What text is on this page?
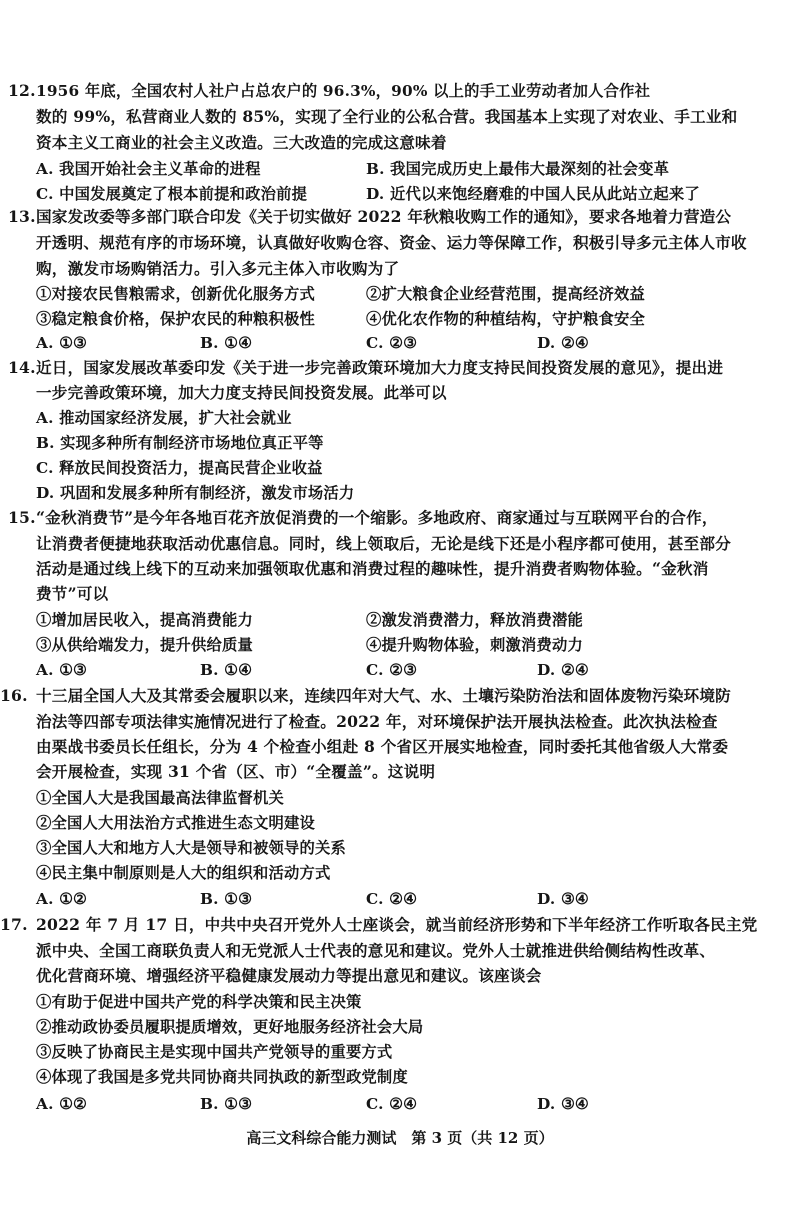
12. 1956 年底，全国农村人社户占总农户的 96.3%，90% 以上的手工业劳动者加人合作社
数的 99%，私营商业人数的 85%，实现了全行业的公私合营。我国基本上实现了对农业、手工业和
资本主义工商业的社会主义改造。三大改造的完成这意味着
A. 我国开始社会主义革命的进程	B. 我国完成历史上最伟大最深刻的社会变革
C. 中国发展奠定了根本前提和政治前提	D. 近代以来饱经磨难的中国人民从此站立起来了
13. 国家发改委等多部门联合印发《关于切实做好 2022 年秋粮收购工作的通知》，要求各地着力营造公
开透明、规范有序的市场环境，认真做好收购仓容、资金、运力等保障工作，积极引导多元主体人市收
购，激发市场购销活力。引入多元主体入市收购为了
①对接农民售粮需求，创新优化服务方式	②扩大粮食企业经营范围，提高经济效益
③稳定粮食价格，保护农民的种粮积极性	④优化农作物的种植结构，守护粮食安全
A. ①③	B. ①④	C. ②③	D. ②④
14. 近日，国家发展改革委印发《关于进一步完善政策环境加大力度支持民间投资发展的意见》，提出进
一步完善政策环境，加大力度支持民间投资发展。此举可以
A. 推动国家经济发展，扩大社会就业
B. 实现多种所有制经济市场地位真正平等
C. 释放民间投资活力，提高民营企业收益
D. 巩固和发展多种所有制经济，激发市场活力
15. “金秋消费节”是今年各地百花齐放促消费的一个缩影。多地政府、商家通过与互联网平台的合作，
让消费者便捷地获取活动优惠信息。同时，线上领取后，无论是线下还是小程序都可使用，甚至部分
活动是通过线上线下的互动来加强领取优惠和消费过程的趣味性，提升消费者购物体验。“金秋消
费节”可以
①增加居民收入，提高消费能力	②激发消费潜力，释放消费潜能
③从供给端发力，提升供给质量	④提升购物体验，刺激消费动力
A. ①③	B. ①④	C. ②③	D. ②④
16. 十三届全国人大及其常委会履职以来，连续四年对大气、水、土壤污染防治法和固体废物污染环境防
治法等四部专项法律实施情况进行了检查。2022 年，对环境保护法开展执法检查。此次执法检查
由栗战书委员长任组长，分为 4 个检查小组赴 8 个省区开展实地检查，同时委托其他省级人大常委
会开展检查，实现 31 个省（区、市）“全覆盖”。这说明
①全国人大是我国最高法律监督机关
②全国人大用法治方式推进生态文明建设
③全国人大和地方人大是领导和被领导的关系
④民主集中制原则是人大的组织和活动方式
A. ①②	B. ①③	C. ②④	D. ③④
17. 2022 年 7 月 17 日，中共中央召开党外人士座谈会，就当前经济形势和下半年经济工作听取各民主党
派中央、全国工商联负责人和无党派人士代表的意见和建议。党外人士就推进供给侧结构性改革、
优化营商环境、增强经济平稳健康发展动力等提出意见和建议。该座谈会
①有助于促进中国共产党的科学决策和民主决策
②推动政协委员履职提质增效，更好地服务经济社会大局
③反映了协商民主是实现中国共产党领导的重要方式
④体现了我国是多党共同协商共同执政的新型政党制度
A. ①②	B. ①③	C. ②④	D. ③④
高三文科综合能力测试　第 3 页（共 12 页）
